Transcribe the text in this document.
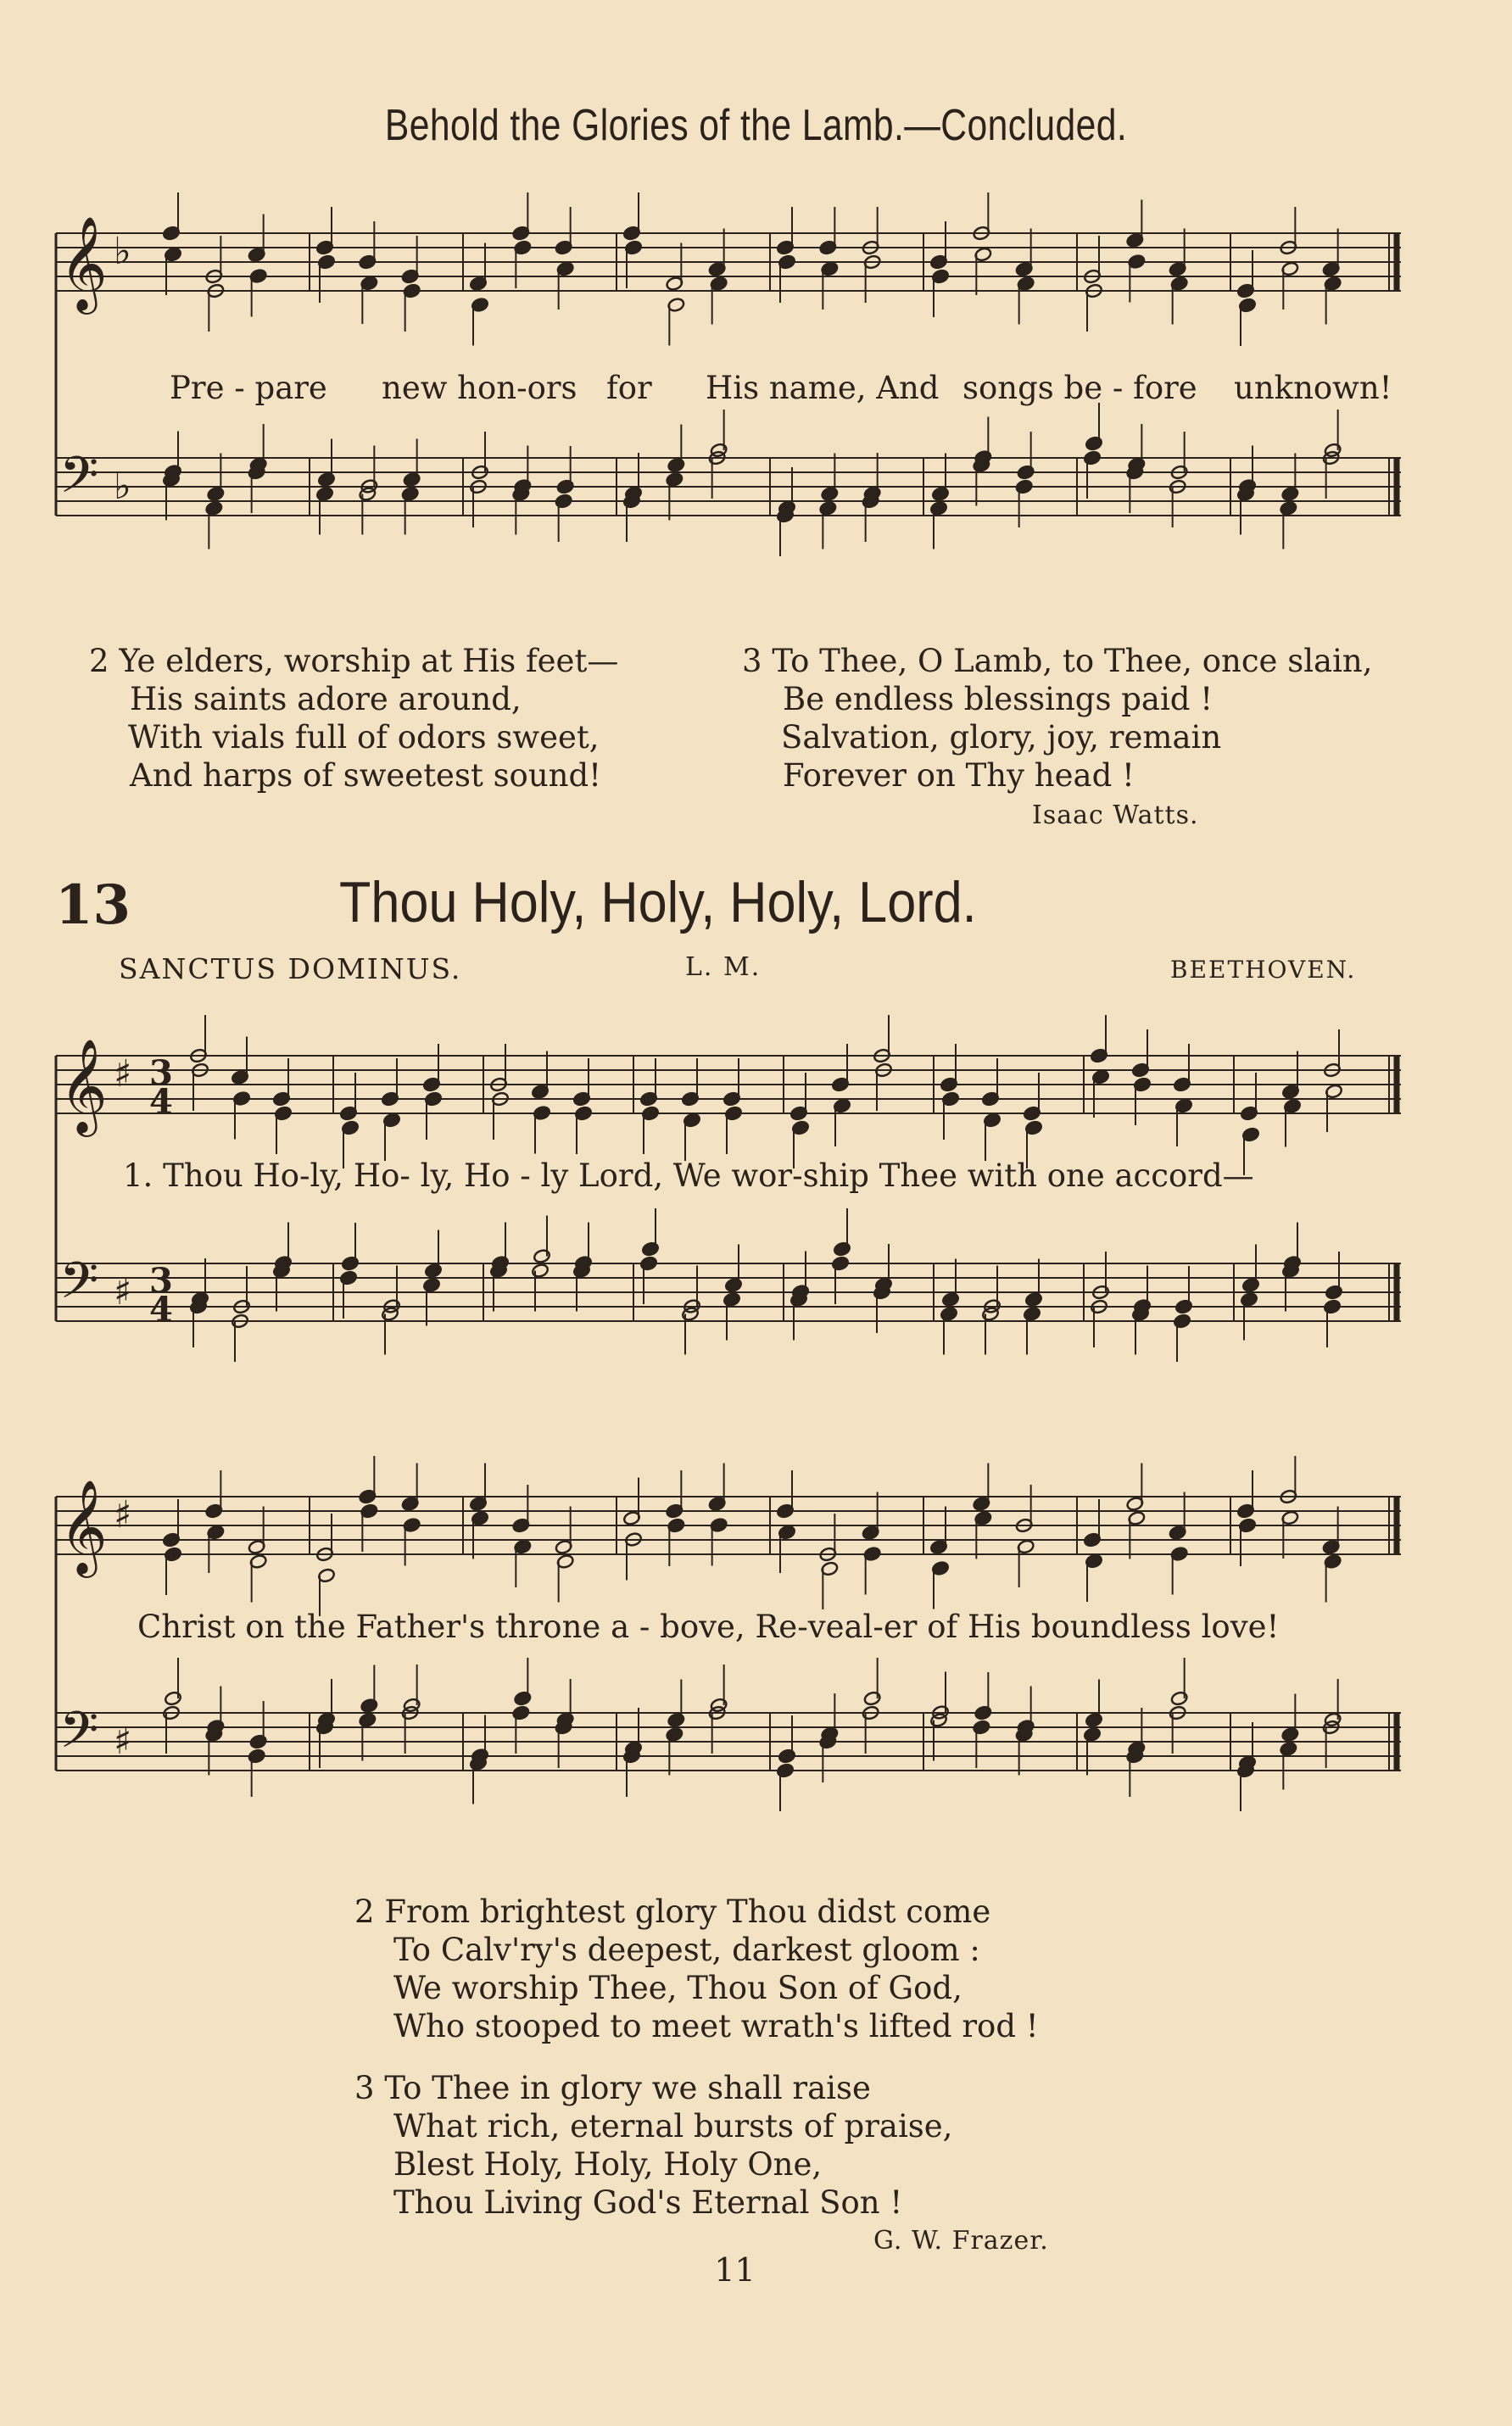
Behold the Glories of the Lamb.—Concluded.
𝄞 ♭
𝄢 ♭
Pre - pare new hon-ors for His name, And songs be - fore unknown!
2 Ye elders, worship at His feet—
His saints adore around,
With vials full of odors sweet,
And harps of sweetest sound!
3 To Thee, O Lamb, to Thee, once slain,
Be endless blessings paid !
Salvation, glory, joy, remain
Forever on Thy head !
Isaac Watts.
13	Thou Holy, Holy, Holy, Lord.
SANCTUS DOMINUS.	L. M.	BEETHOVEN.
𝄞 ♯ 3
4
𝄢 ♯ 3
4
1. Thou Ho-ly, Ho- ly, Ho - ly Lord, We wor-ship Thee with one accord—
𝄞 ♯
𝄢 ♯
Christ on the Father's throne a - bove, Re-veal-er of His boundless love!
2 From brightest glory Thou didst come
To Calv'ry's deepest, darkest gloom :
We worship Thee, Thou Son of God,
Who stooped to meet wrath's lifted rod !
3 To Thee in glory we shall raise
What rich, eternal bursts of praise,
Blest Holy, Holy, Holy One,
Thou Living God's Eternal Son !
G. W. Frazer.
11
